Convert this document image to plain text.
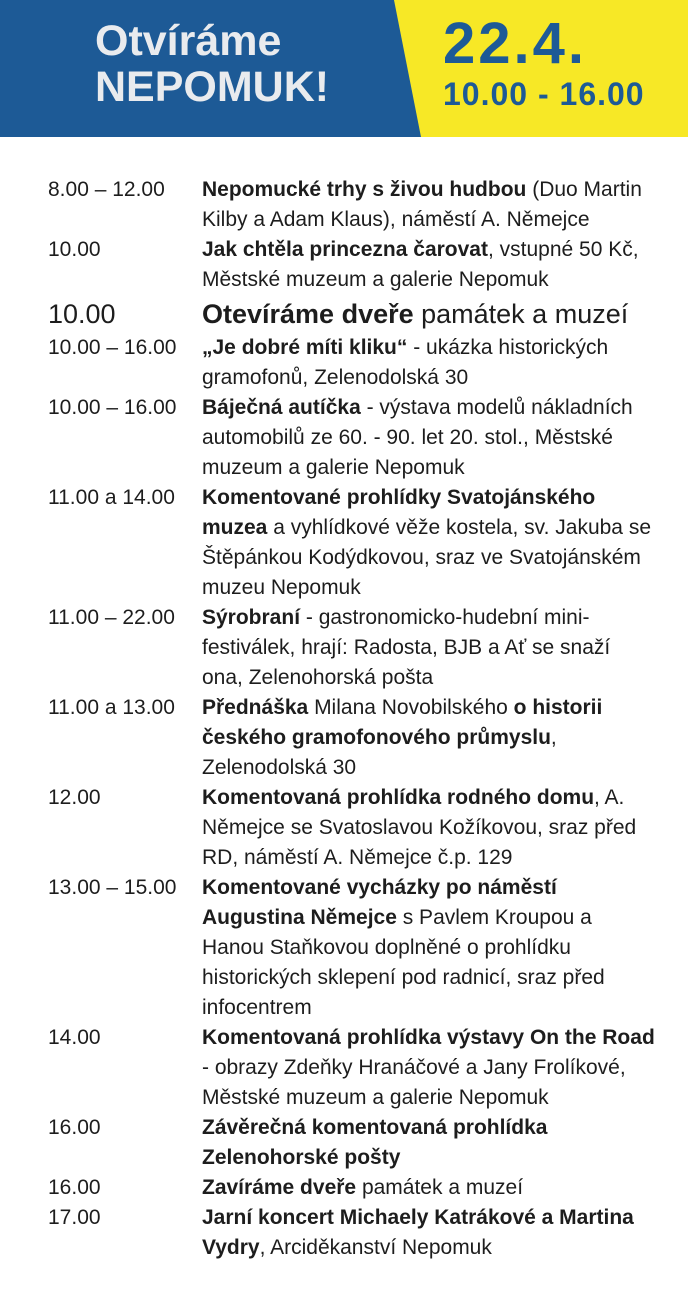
Otvíráme
NEPOMUK!
22.4.
10.00 - 16.00
8.00 – 12.00	Nepomucké trhy s živou hudbou (Duo Martin
Kilby a Adam Klaus), náměstí A. Němejce
10.00	Jak chtěla princezna čarovat, vstupné 50 Kč,
Městské muzeum a galerie Nepomuk
10.00	Otevíráme dveře památek a muzeí
10.00 – 16.00	„Je dobré míti kliku“ - ukázka historických
gramofonů, Zelenodolská 30
10.00 – 16.00	Báječná autíčka - výstava modelů nákladních
automobilů ze 60. - 90. let 20. stol., Městské
muzeum a galerie Nepomuk
11.00 a 14.00	Komentované prohlídky Svatojánského
muzea a vyhlídkové věže kostela, sv. Jakuba se
Štěpánkou Kodýdkovou, sraz ve Svatojánském
muzeu Nepomuk
11.00 – 22.00	Sýrobraní - gastronomicko-hudební mini-
festiválek, hrají: Radosta, BJB a Ať se snaží
ona, Zelenohorská pošta
11.00 a 13.00	Přednáška Milana Novobilského o historii
českého gramofonového průmyslu,
Zelenodolská 30
12.00	Komentovaná prohlídka rodného domu, A.
Němejce se Svatoslavou Kožíkovou, sraz před
RD, náměstí A. Němejce č.p. 129
13.00 – 15.00	Komentované vycházky po náměstí
Augustina Němejce s Pavlem Kroupou a
Hanou Staňkovou doplněné o prohlídku
historických sklepení pod radnicí, sraz před
infocentrem
14.00	Komentovaná prohlídka výstavy On the Road
- obrazy Zdeňky Hranáčové a Jany Frolíkové,
Městské muzeum a galerie Nepomuk
16.00	Závěrečná komentovaná prohlídka
Zelenohorské pošty
16.00	Zavíráme dveře památek a muzeí
17.00	Jarní koncert Michaely Katrákové a Martina
Vydry, Arciděkanství Nepomuk
